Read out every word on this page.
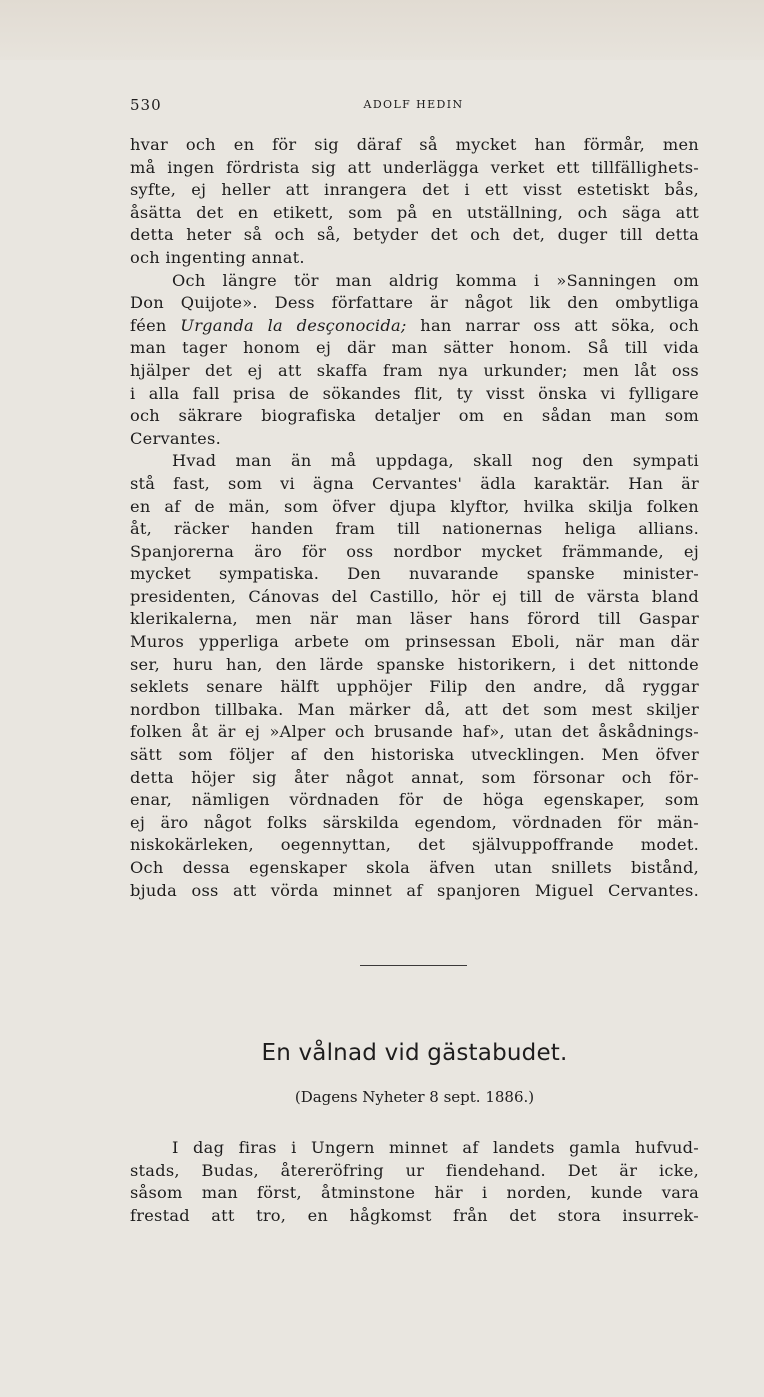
530	ADOLF HEDIN
hvar och en för sig däraf så mycket han förmår, men
må ingen fördrista sig att underlägga verket ett tillfällighets-
syfte, ej heller att inrangera det i ett visst estetiskt bås,
åsätta det en etikett, som på en utställning, och säga att
detta heter så och så, betyder det och det, duger till detta
och ingenting annat.
Och längre tör man aldrig komma i »Sanningen om
Don Quijote». Dess författare är något lik den ombytliga
féen Urganda la desçonocida; han narrar oss att söka, och
man tager honom ej där man sätter honom. Så till vida
hjälper det ej att skaffa fram nya urkunder; men låt oss
i alla fall prisa de sökandes flit, ty visst önska vi fylligare
och säkrare biografiska detaljer om en sådan man som
Cervantes.
Hvad man än må uppdaga, skall nog den sympati
stå fast, som vi ägna Cervantes' ädla karaktär. Han är
en af de män, som öfver djupa klyftor, hvilka skilja folken
åt, räcker handen fram till nationernas heliga allians.
Spanjorerna äro för oss nordbor mycket främmande, ej
mycket sympatiska. Den nuvarande spanske minister-
presidenten, Cánovas del Castillo, hör ej till de värsta bland
klerikalerna, men när man läser hans förord till Gaspar
Muros ypperliga arbete om prinsessan Eboli, när man där
ser, huru han, den lärde spanske historikern, i det nittonde
seklets senare hälft upphöjer Filip den andre, då ryggar
nordbon tillbaka. Man märker då, att det som mest skiljer
folken åt är ej »Alper och brusande haf», utan det åskådnings-
sätt som följer af den historiska utvecklingen. Men öfver
detta höjer sig åter något annat, som försonar och för-
enar, nämligen vördnaden för de höga egenskaper, som
ej äro något folks särskilda egendom, vördnaden för män-
niskokärleken, oegennyttan, det självuppoffrande modet.
Och dessa egenskaper skola äfven utan snillets bistånd,
bjuda oss att vörda minnet af spanjoren Miguel Cervantes.
En vålnad vid gästabudet.
(Dagens Nyheter 8 sept. 1886.)
I dag firas i Ungern minnet af landets gamla hufvud-
stads, Budas, återeröfring ur fiendehand. Det är icke,
såsom man först, åtminstone här i norden, kunde vara
frestad att tro, en hågkomst från det stora insurrek-
